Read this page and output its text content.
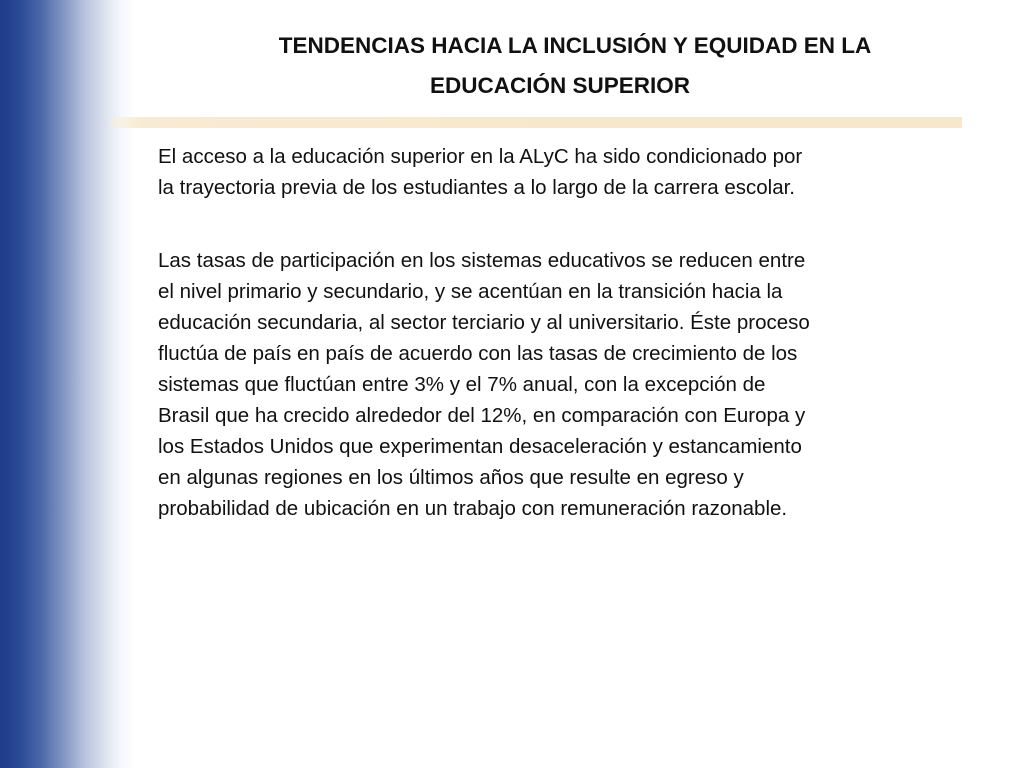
TENDENCIAS HACIA LA INCLUSIÓN Y EQUIDAD EN LA
EDUCACIÓN SUPERIOR

El acceso a la educación superior en la ALyC ha sido condicionado por
la trayectoria previa de los estudiantes a lo largo de la carrera escolar.

Las tasas de participación en los sistemas educativos se reducen entre
el nivel primario y secundario, y se acentúan en la transición hacia la
educación secundaria, al sector terciario y al universitario. Éste proceso
fluctúa de país en país de acuerdo con las tasas de crecimiento de los
sistemas que fluctúan entre 3% y el 7% anual, con la excepción de
Brasil que ha crecido alrededor del 12%, en comparación con Europa y
los Estados Unidos que experimentan desaceleración y estancamiento
en algunas regiones en los últimos años que resulte en egreso y
probabilidad de ubicación en un trabajo con remuneración razonable.
